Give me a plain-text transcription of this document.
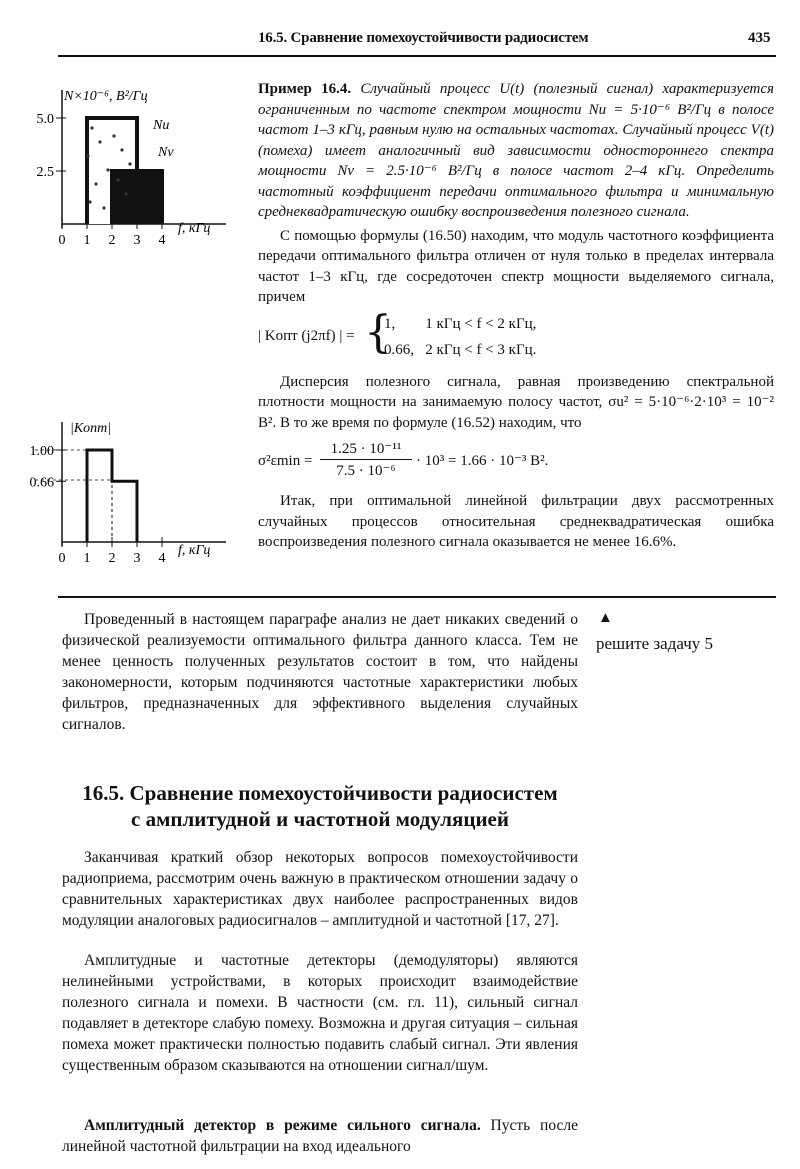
16.5. Сравнение помехоустойчивости радиосистем	435
0 1 2 3 4
5.0
2.5
N×10⁻⁶, В²/Гц
f, кГц
Nu
Nv
0 1 2 3 4
1.00
0.66
|Kопт|
f, кГц

Пример 16.4. Случайный процесс U(t) (полезный сигнал) характеризуется ограниченным по частоте спектром мощности Nu = 5·10⁻⁶ В²/Гц в полосе частот 1–3 кГц, равным нулю на остальных частотах. Случайный процесс V(t) (помеха) имеет аналогичный вид зависимости одностороннего спектра мощности Nv = 2.5·10⁻⁶ В²/Гц в полосе частот 2–4 кГц. Определить частотный коэффициент передачи оптимального фильтра и минимальную среднеквадратическую ошибку воспроизведения полезного сигнала.

С помощью формулы (16.50) находим, что модуль частотного коэффициента передачи оптимального фильтра отличен от нуля только в пределах интервала частот 1–3 кГц, где сосредоточен спектр мощности выделяемого сигнала, причем

| Kопт (j2πf) | = {
1,        1 кГц < f < 2 кГц,
0.66,   2 кГц < f < 3 кГц.

Дисперсия полезного сигнала, равная произведению спектральной плотности мощности на занимаемую полосу частот, σu² = 5·10⁻⁶·2·10³ = 10⁻² В². В то же время по формуле (16.52) находим, что

σ²εmin =
1.25 · 10⁻¹¹
7.5 · 10⁻⁶
· 10³ = 1.66 · 10⁻³ В².

Итак, при оптимальной линейной фильтрации двух рассмотренных случайных процессов относительная среднеквадратическая ошибка воспроизведения полезного сигнала оказывается не менее 16.6%.

Проведенный в настоящем параграфе анализ не дает никаких сведений о физической реализуемости оптимального фильтра данного класса. Тем не менее ценность полученных результатов состоит в том, что найдены закономерности, которым подчиняются частотные характеристики любых фильтров, предназначенных для эффективного выделения случайных сигналов.

▲
решите задачу 5

16.5. Сравнение помехоустойчивости радиосистем

с амплитудной и частотной модуляцией

Заканчивая краткий обзор некоторых вопросов помехоустойчивости радиоприема, рассмотрим очень важную в практическом отношении задачу о сравнительных характеристиках двух наиболее распространенных видов модуляции аналоговых радиосигналов – амплитудной и частотной [17, 27].

Амплитудные и частотные детекторы (демодуляторы) являются нелинейными устройствами, в которых происходит взаимодействие полезного сигнала и помехи. В частности (см. гл. 11), сильный сигнал подавляет в детекторе слабую помеху. Возможна и другая ситуация – сильная помеха может практически полностью подавить слабый сигнал. Эти явления существенным образом сказываются на отношении сигнал/шум.

Амплитудный детектор в режиме сильного сигнала. Пусть после линейной частотной фильтрации на вход идеального
